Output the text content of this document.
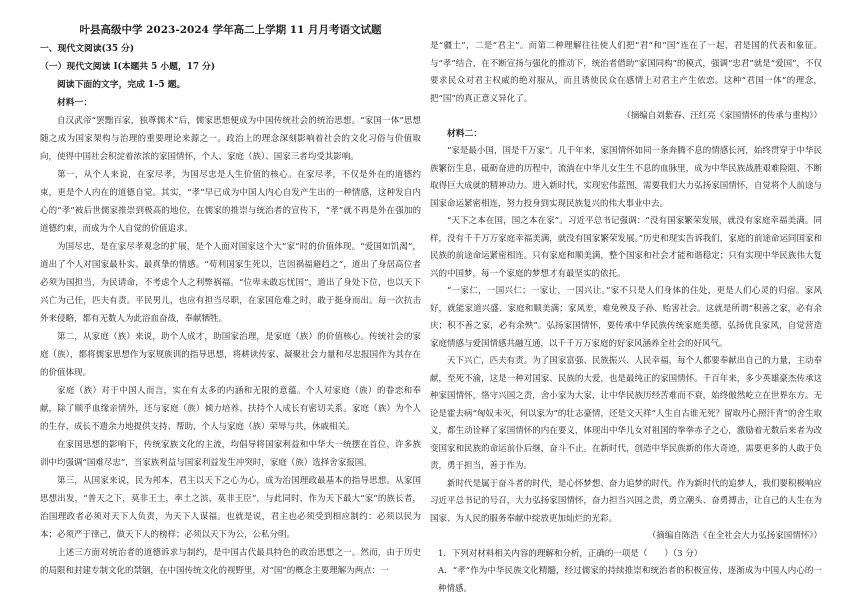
叶县高级中学 2023-2024 学年高二上学期 11 月月考语文试题
一、现代文阅读(35 分)
（一）现代文阅读 I(本题共 5 小题，17 分)
阅读下面的文字，完成 1–5 题。
材料一：

自汉武帝“罢黜百家，独尊儒术”后，儒家思想便成为中国传统社会的统治思想。“家国一体”思想随之成为国家架构与治理的重要理论来源之一。政治上的理念深刻影响着社会的文化习俗与价值取向，使得中国社会积淀着浓浓的家国情怀，个人、家庭（族）、国家三者均受其影响。

第一，从个人来说，在家尽孝，为国尽忠是人生价值的核心。在家尽孝，不仅是外在的道德约束，更是个人内在的道德自觉。其实，“孝”早已成为中国人内心自发产生出的一种情感，这种发自内心的“孝”被后世儒家推崇到极高的地位，在儒家的推崇与统治者的宣传下，“孝”就不再是外在强加的道德约束，而成为个人自觉的价值追求。

为国尽忠，是在家尽孝观念的扩展，是个人面对国家这个大“家”时的价值体现。“爱国如饥渴”，道出了个人对国家最朴实、最真挚的情感。“苟利国家生死以，岂因祸福避趋之”，道出了身居高位者必须为国担当，为民请命，不考虑个人之利弊祸福。“位卑未敢忘忧国”，道出了身处下位，也以天下兴亡为己任，匹夫有责。平民男儿，也应有担当尽职，在家国危难之时，敢于挺身而出。每一次抗击外来侵略，都有无数人为此浴血奋战，奉献牺牲。

第二，从家庭（族）来说，助个人成才，助国家治理，是家庭（族）的价值核心。传统社会的家庭（族），都将儒家思想作为家规族训的指导思想，将耕读传家、凝聚社会力量和尽忠报国作为其存在的价值体现。

家庭（族）对于中国人而言，实在有太多的内涵和无限的意蕴。个人对家庭（族）的眷恋和奉献，除了顺乎血缘亲情外，还与家庭（族）倾力培养、扶持个人成长有密切关系。家庭（族）为个人的生存、成长不遗余力地提供支持、帮助，个人与家庭（族）荣辱与共，休戚相关。

在家国思想的影响下，传统家族文化的主流，均倡导将国家利益和中华大一统摆在首位，许多族训中均强调“国难尽忠”，当家族利益与国家利益发生冲突时，家庭（族）选择舍家报国。

第三，从国家来说，民为邦本，君主以天下之心为心，成为治国理政最基本的指导思想。从家国思想出发，“普天之下，莫非王土，率土之滨，莫非王臣”，与此同时，作为天下最大“家”的族长者，治国理政者必须对天下人负责，为天下人谋福。也就是说，君主也必须受到相应制约：必须以民为本；必须严于律己，做天下人的榜样；必须以天下为公，公私分明。

上述三方面对统治者的道德诉求与制约，是中国古代最具特色的政治思想之一。然而，由于历史的局限和封建专制文化的禁锢，在中国传统文化的视野里，对“国”的概念主要理解为两点：一

是“疆土”，二是“君主”。而第二种理解往往使人们把“君”和“国”连在了一起，君是国的代表和象征。与“孝”结合，在不断宣扬与强化的推动下，统治者借助“家国同构”的模式，强调“忠君”就是“爱国”，不仅要求民众对君主权威的绝对服从，而且诱使民众在感情上对君主产生依恋。这种“君国一体”的理念，把“国”的真正意义异化了。

（摘编自刘紫春、汪红亮《家国情怀的传承与重构》）
材料二：

“家是最小国，国是千万家”。几千年来，家国情怀如同一条奔腾不息的情感长河，始终贯穿于中华民族繁衍生息、砥砺奋进的历程中，流淌在中华儿女生生不息的血脉里，成为中华民族战胜艰难险阻、不断取得巨大成就的精神动力。进入新时代，实现宏伟蓝图，需要我们大力弘扬家国情怀，自觉将个人前途与国家命运紧密相连，努力投身到实现民族复兴的伟大事业中去。

“天下之本在国，国之本在家”。习近平总书记强调：“没有国家繁荣发展，就没有家庭幸福美满。同样，没有千千万万家庭幸福美满，就没有国家繁荣发展。”历史和现实告诉我们，家庭的前途命运同国家和民族的前途命运紧密相连。只有家庭和顺美满，整个国家和社会才能和谐稳定；只有实现中华民族伟大复兴的中国梦，每一个家庭的梦想才有最坚实的依托。

“一家仁，一国兴仁；一家让，一国兴让。”家不只是人们身体的住处，更是人们心灵的归宿。家风好，就能家道兴盛、家庭和顺美满；家风差，难免殃及子孙、贻害社会。这就是所谓“积善之家，必有余庆；积不善之家，必有余殃”。弘扬家国情怀，要传承中华民族传统家庭美德，弘扬优良家风，自觉营造家庭情感与爱国情感共融互通，以千千万万家庭的好家风涵养全社会的好风气。

天下兴亡，匹夫有责。为了国家富强、民族振兴、人民幸福，每个人都要奉献出自己的力量，主动奉献，至死不渝，这是一种对国家、民族的大爱，也是最纯正的家国情怀。千百年来，多少英雄豪杰传承这种家国情怀，恪守兴国之责，舍小家为大家，让中华民族历经苦难而不衰，始终傲然屹立在世界东方。无论是霍去病“匈奴未灭，何以家为”的壮志豪情，还是文天祥“人生自古谁无死？留取丹心照汗青”的舍生取义，都生动诠释了家国情怀的内在要义，体现出中华儿女对祖国的拳拳赤子之心，激励着无数后来者为改变国家和民族的命运前仆后继，奋斗不止。在新时代，创造中华民族新的伟大奇迹，需要更多的人敢于负责，勇于担当，善于作为。

新时代是属于奋斗者的时代，是心怀梦想、奋力追梦的时代。作为新时代的追梦人，我们要积极响应习近平总书记的号召，大力弘扬家国情怀，奋力担当兴国之责，勇立潮头、奋勇搏击，让自己的人生在为国家、为人民的服务奉献中绽放更加灿烂的光彩。

（摘编自陈浩《在全社会大力弘扬家国情怀》）

1．下列对材料相关内容的理解和分析，正确的一项是（　　）（3 分）

A．“孝”作为中华民族文化精髓，经过儒家的持续推崇和统治者的积极宣传，逐渐成为中国人内心的一种情感。
